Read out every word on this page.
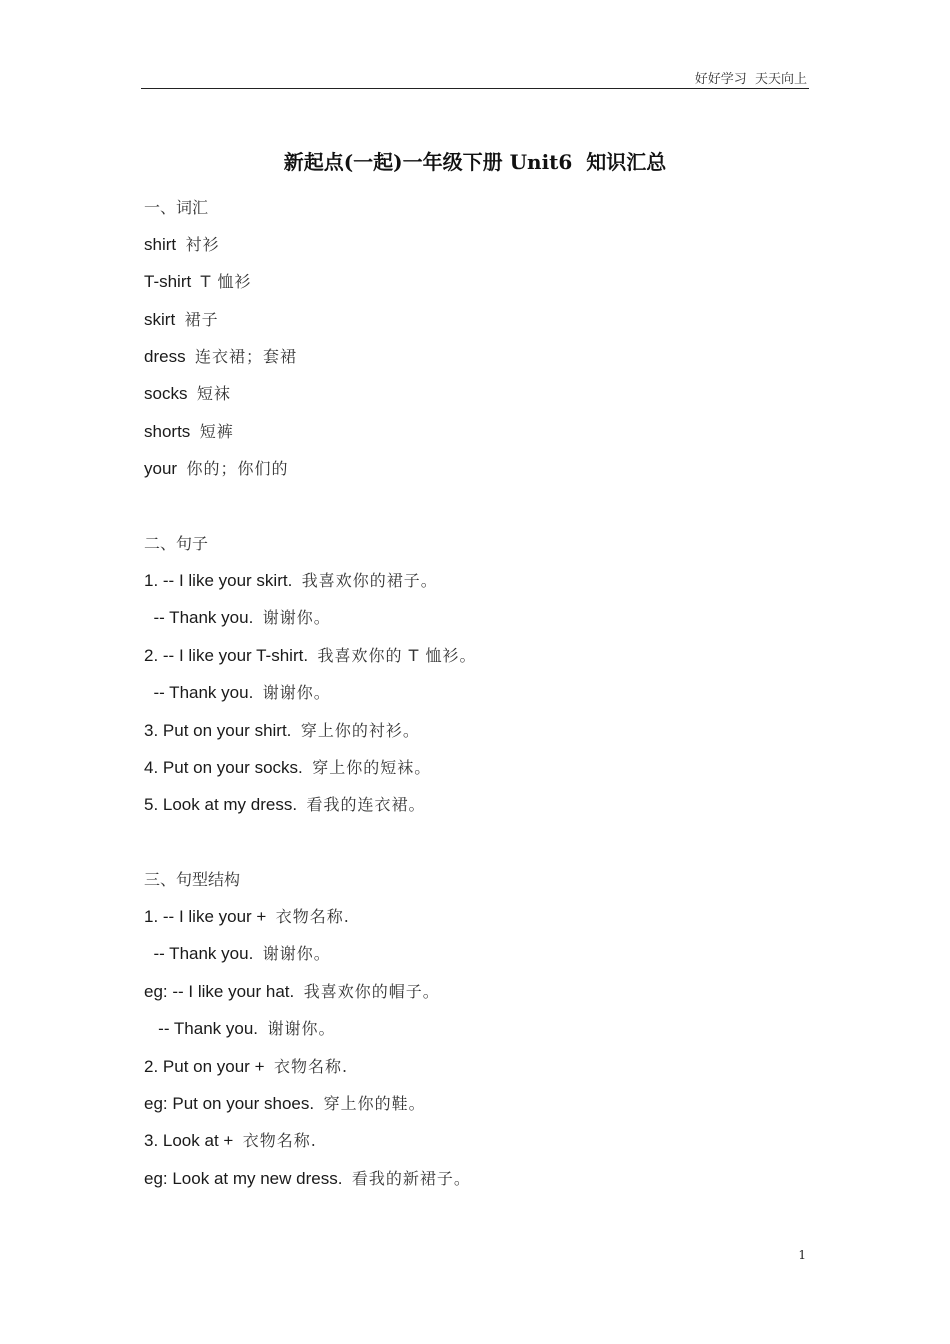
好好学习  天天向上
新起点(一起)一年级下册 Unit6  知识汇总
一、词汇
shirt  衬衫
T-shirt  T 恤衫
skirt  裙子
dress  连衣裙；套裙
socks  短袜
shorts  短裤
your  你的；你们的
二、句子
1. -- I like your skirt.  我喜欢你的裙子。
-- Thank you.  谢谢你。
2. -- I like your T-shirt.  我喜欢你的 T 恤衫。
-- Thank you.  谢谢你。
3. Put on your shirt.  穿上你的衬衫。
4. Put on your socks.  穿上你的短袜。
5. Look at my dress.  看我的连衣裙。
三、句型结构
1. -- I like your +  衣物名称.
-- Thank you.  谢谢你。
eg: -- I like your hat.  我喜欢你的帽子。
-- Thank you.  谢谢你。
2. Put on your +  衣物名称.
eg: Put on your shoes.  穿上你的鞋。
3. Look at +  衣物名称.
eg: Look at my new dress.  看我的新裙子。
1
